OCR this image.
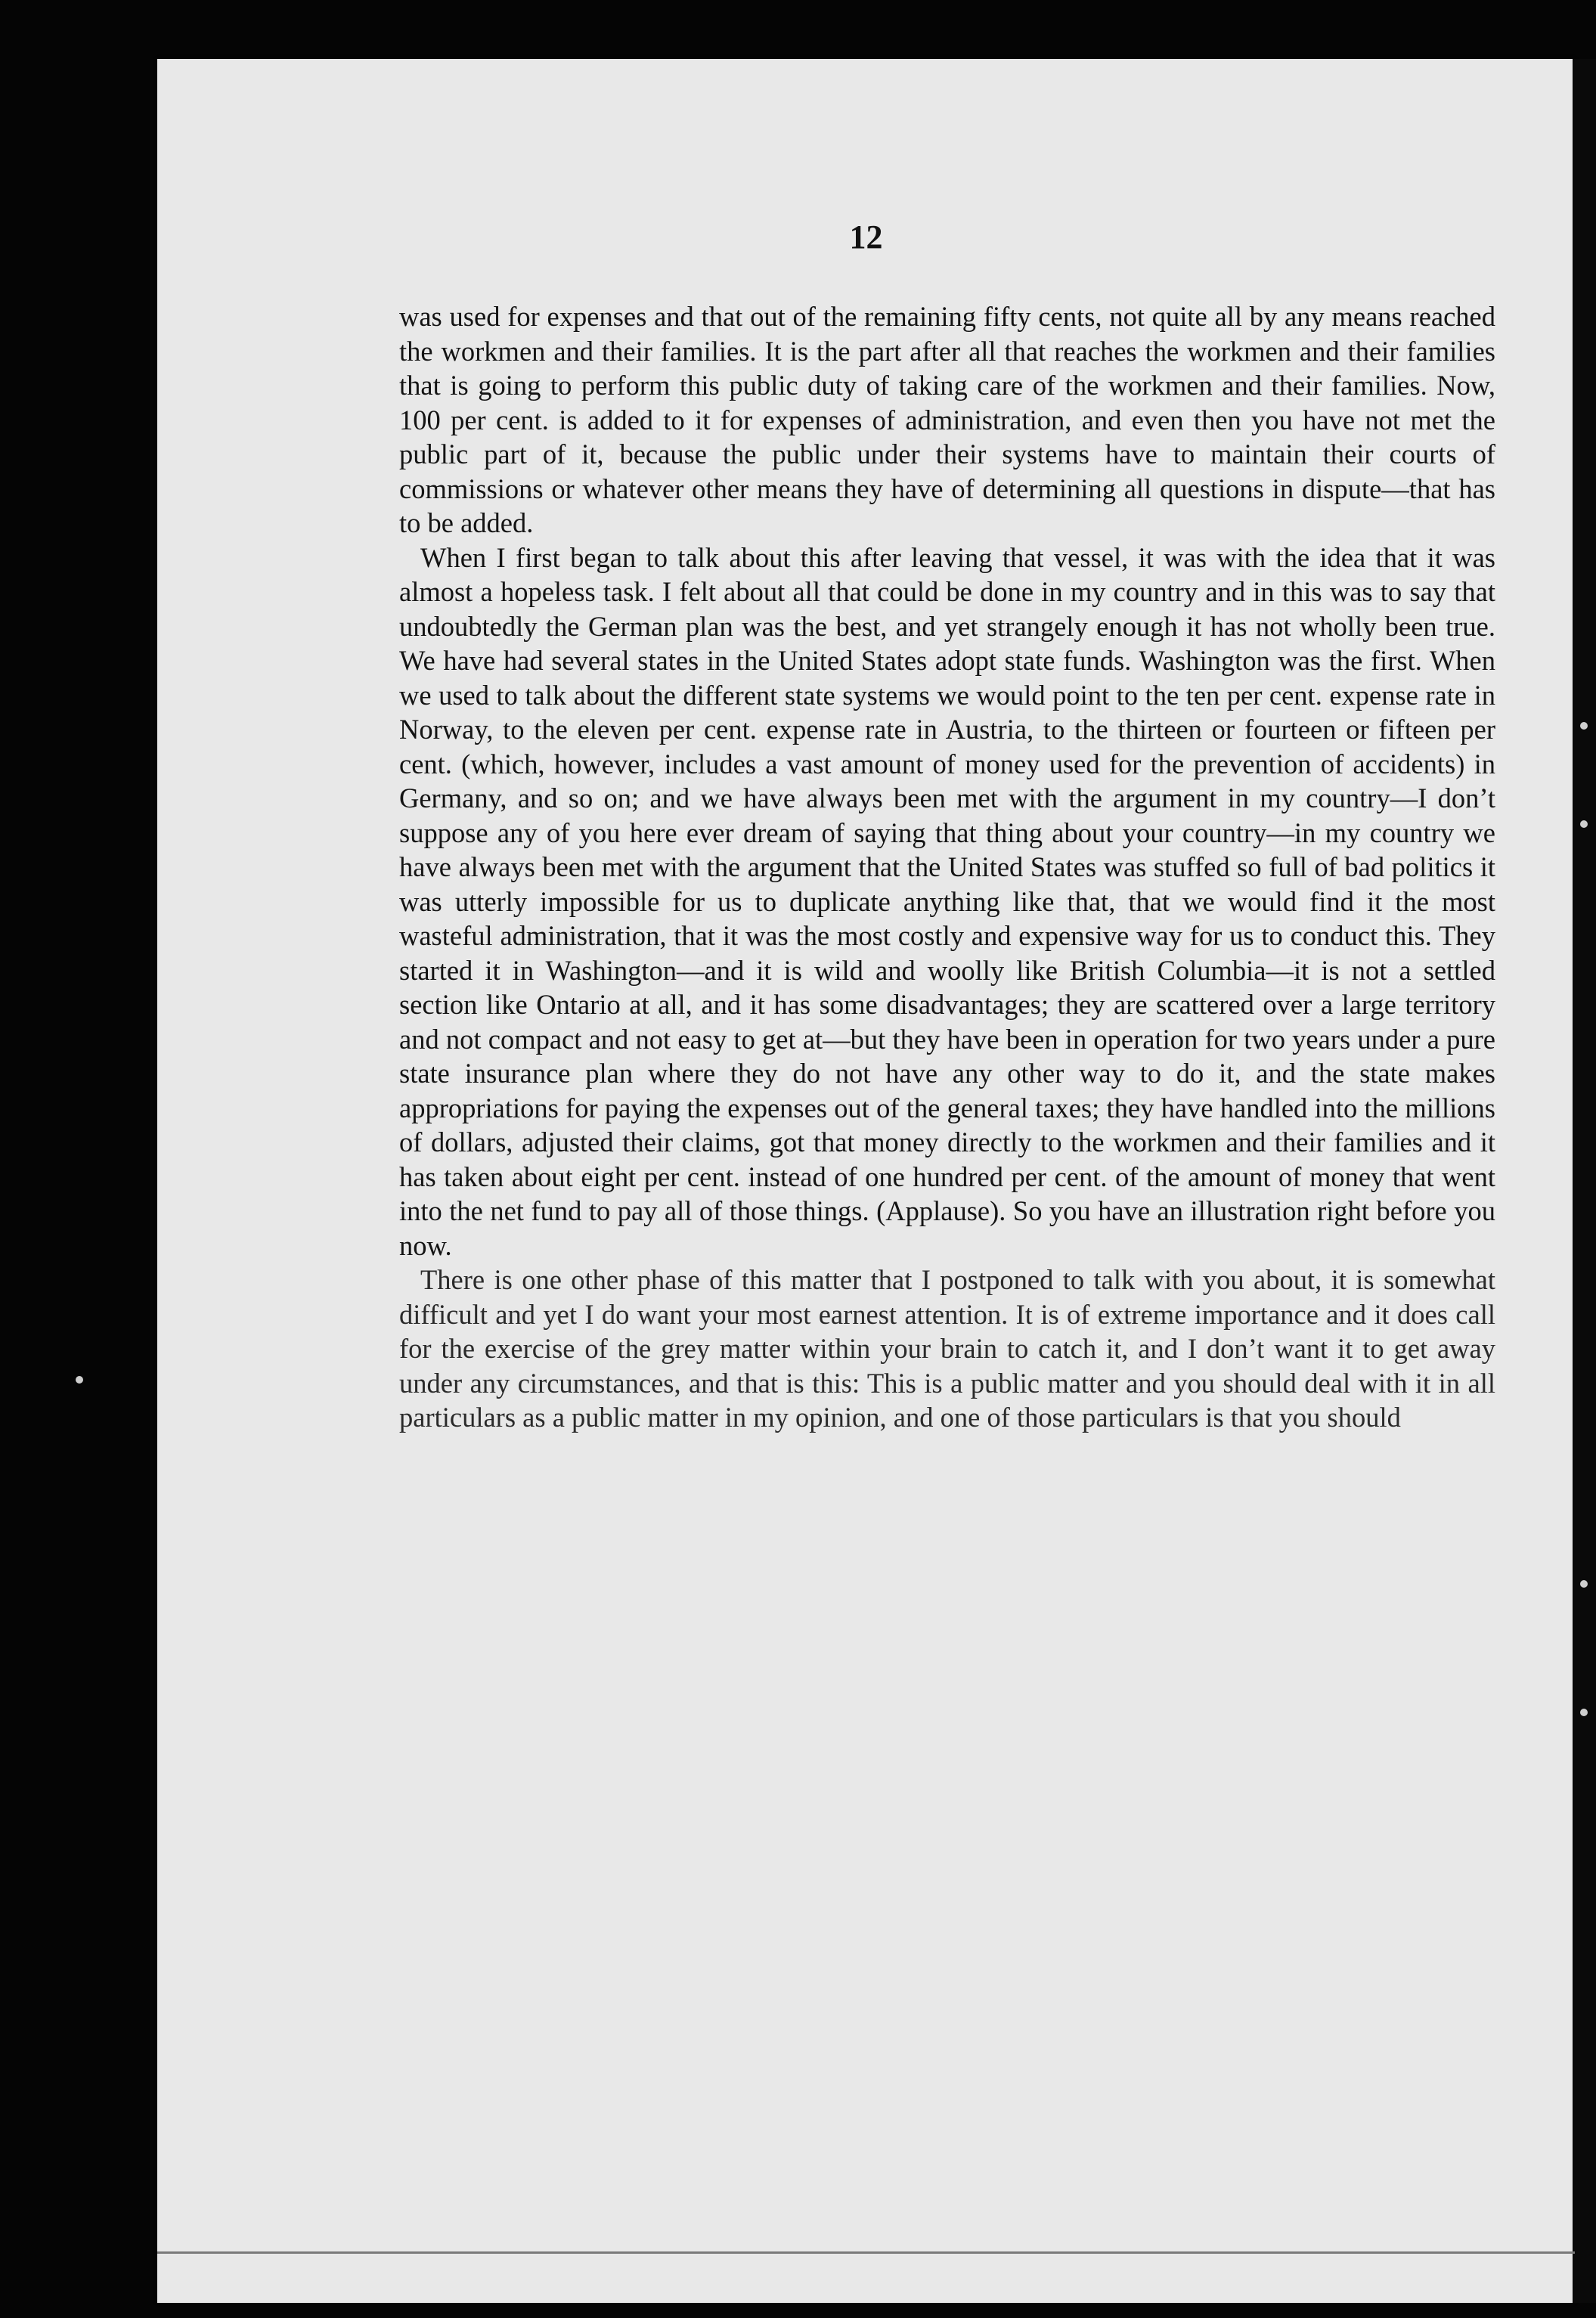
12

was used for expenses and that out of the remaining fifty cents, not quite all by any means reached the workmen and their families. It is the part after all that reaches the workmen and their families that is going to perform this public duty of taking care of the workmen and their families. Now, 100 per cent. is added to it for expenses of administration, and even then you have not met the public part of it, because the public under their systems have to maintain their courts of commissions or whatever other means they have of determining all questions in dispute—that has to be added.

When I first began to talk about this after leaving that vessel, it was with the idea that it was almost a hopeless task. I felt about all that could be done in my country and in this was to say that undoubtedly the German plan was the best, and yet strangely enough it has not wholly been true. We have had several states in the United States adopt state funds. Washington was the first. When we used to talk about the different state systems we would point to the ten per cent. expense rate in Norway, to the eleven per cent. expense rate in Austria, to the thirteen or fourteen or fifteen per cent. (which, however, includes a vast amount of money used for the prevention of accidents) in Germany, and so on; and we have always been met with the argument in my country—I don’t suppose any of you here ever dream of saying that thing about your country—in my country we have always been met with the argument that the United States was stuffed so full of bad politics it was utterly impossible for us to duplicate anything like that, that we would find it the most wasteful administration, that it was the most costly and expensive way for us to conduct this. They started it in Washington—and it is wild and woolly like British Columbia—it is not a settled section like Ontario at all, and it has some disadvantages; they are scattered over a large territory and not compact and not easy to get at—but they have been in operation for two years under a pure state insurance plan where they do not have any other way to do it, and the state makes appropriations for paying the expenses out of the general taxes; they have handled into the millions of dollars, adjusted their claims, got that money directly to the workmen and their families and it has taken about eight per cent. instead of one hundred per cent. of the amount of money that went into the net fund to pay all of those things. (Applause). So you have an illustration right before you now.

There is one other phase of this matter that I postponed to talk with you about, it is somewhat difficult and yet I do want your most earnest attention. It is of extreme importance and it does call for the exercise of the grey matter within your brain to catch it, and I don’t want it to get away under any circumstances, and that is this: This is a public matter and you should deal with it in all particulars as a public matter in my opinion, and one of those particulars is that you should
